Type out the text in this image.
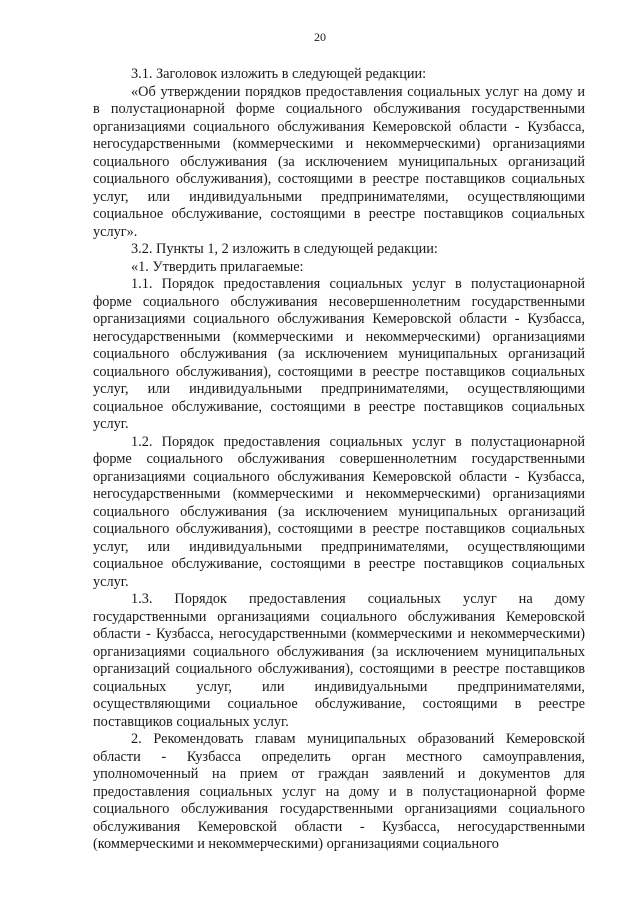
20

3.1. Заголовок изложить в следующей редакции:

«Об утверждении порядков предоставления социальных услуг на дому и в полустационарной форме социального обслуживания государственными организациями социального обслуживания Кемеровской области - Кузбасса, негосударственными (коммерческими и некоммерческими) организациями социального обслуживания (за исключением муниципальных организаций социального обслуживания), состоящими в реестре поставщиков социальных услуг, или индивидуальными предпринимателями, осуществляющими социальное обслуживание, состоящими в реестре поставщиков социальных услуг».

3.2. Пункты 1, 2 изложить в следующей редакции:

«1. Утвердить прилагаемые:

1.1. Порядок предоставления социальных услуг в полустационарной форме социального обслуживания несовершеннолетним государственными организациями социального обслуживания Кемеровской области - Кузбасса, негосударственными (коммерческими и некоммерческими) организациями социального обслуживания (за исключением муниципальных организаций социального обслуживания), состоящими в реестре поставщиков социальных услуг, или индивидуальными предпринимателями, осуществляющими социальное обслуживание, состоящими в реестре поставщиков социальных услуг.

1.2. Порядок предоставления социальных услуг в полустационарной форме социального обслуживания совершеннолетним государственными организациями социального обслуживания Кемеровской области - Кузбасса, негосударственными (коммерческими и некоммерческими) организациями социального обслуживания (за исключением муниципальных организаций социального обслуживания), состоящими в реестре поставщиков социальных услуг, или индивидуальными предпринимателями, осуществляющими социальное обслуживание, состоящими в реестре поставщиков социальных услуг.

1.3. Порядок предоставления социальных услуг на дому государственными организациями социального обслуживания Кемеровской области - Кузбасса, негосударственными (коммерческими и некоммерческими) организациями социального обслуживания (за исключением муниципальных организаций социального обслуживания), состоящими в реестре поставщиков социальных услуг, или индивидуальными предпринимателями, осуществляющими социальное обслуживание, состоящими в реестре поставщиков социальных услуг.

2. Рекомендовать главам муниципальных образований Кемеровской области - Кузбасса определить орган местного самоуправления, уполномоченный на прием от граждан заявлений и документов для предоставления социальных услуг на дому и в полустационарной форме социального обслуживания государственными организациями социального обслуживания Кемеровской области - Кузбасса, негосударственными (коммерческими и некоммерческими) организациями социального
